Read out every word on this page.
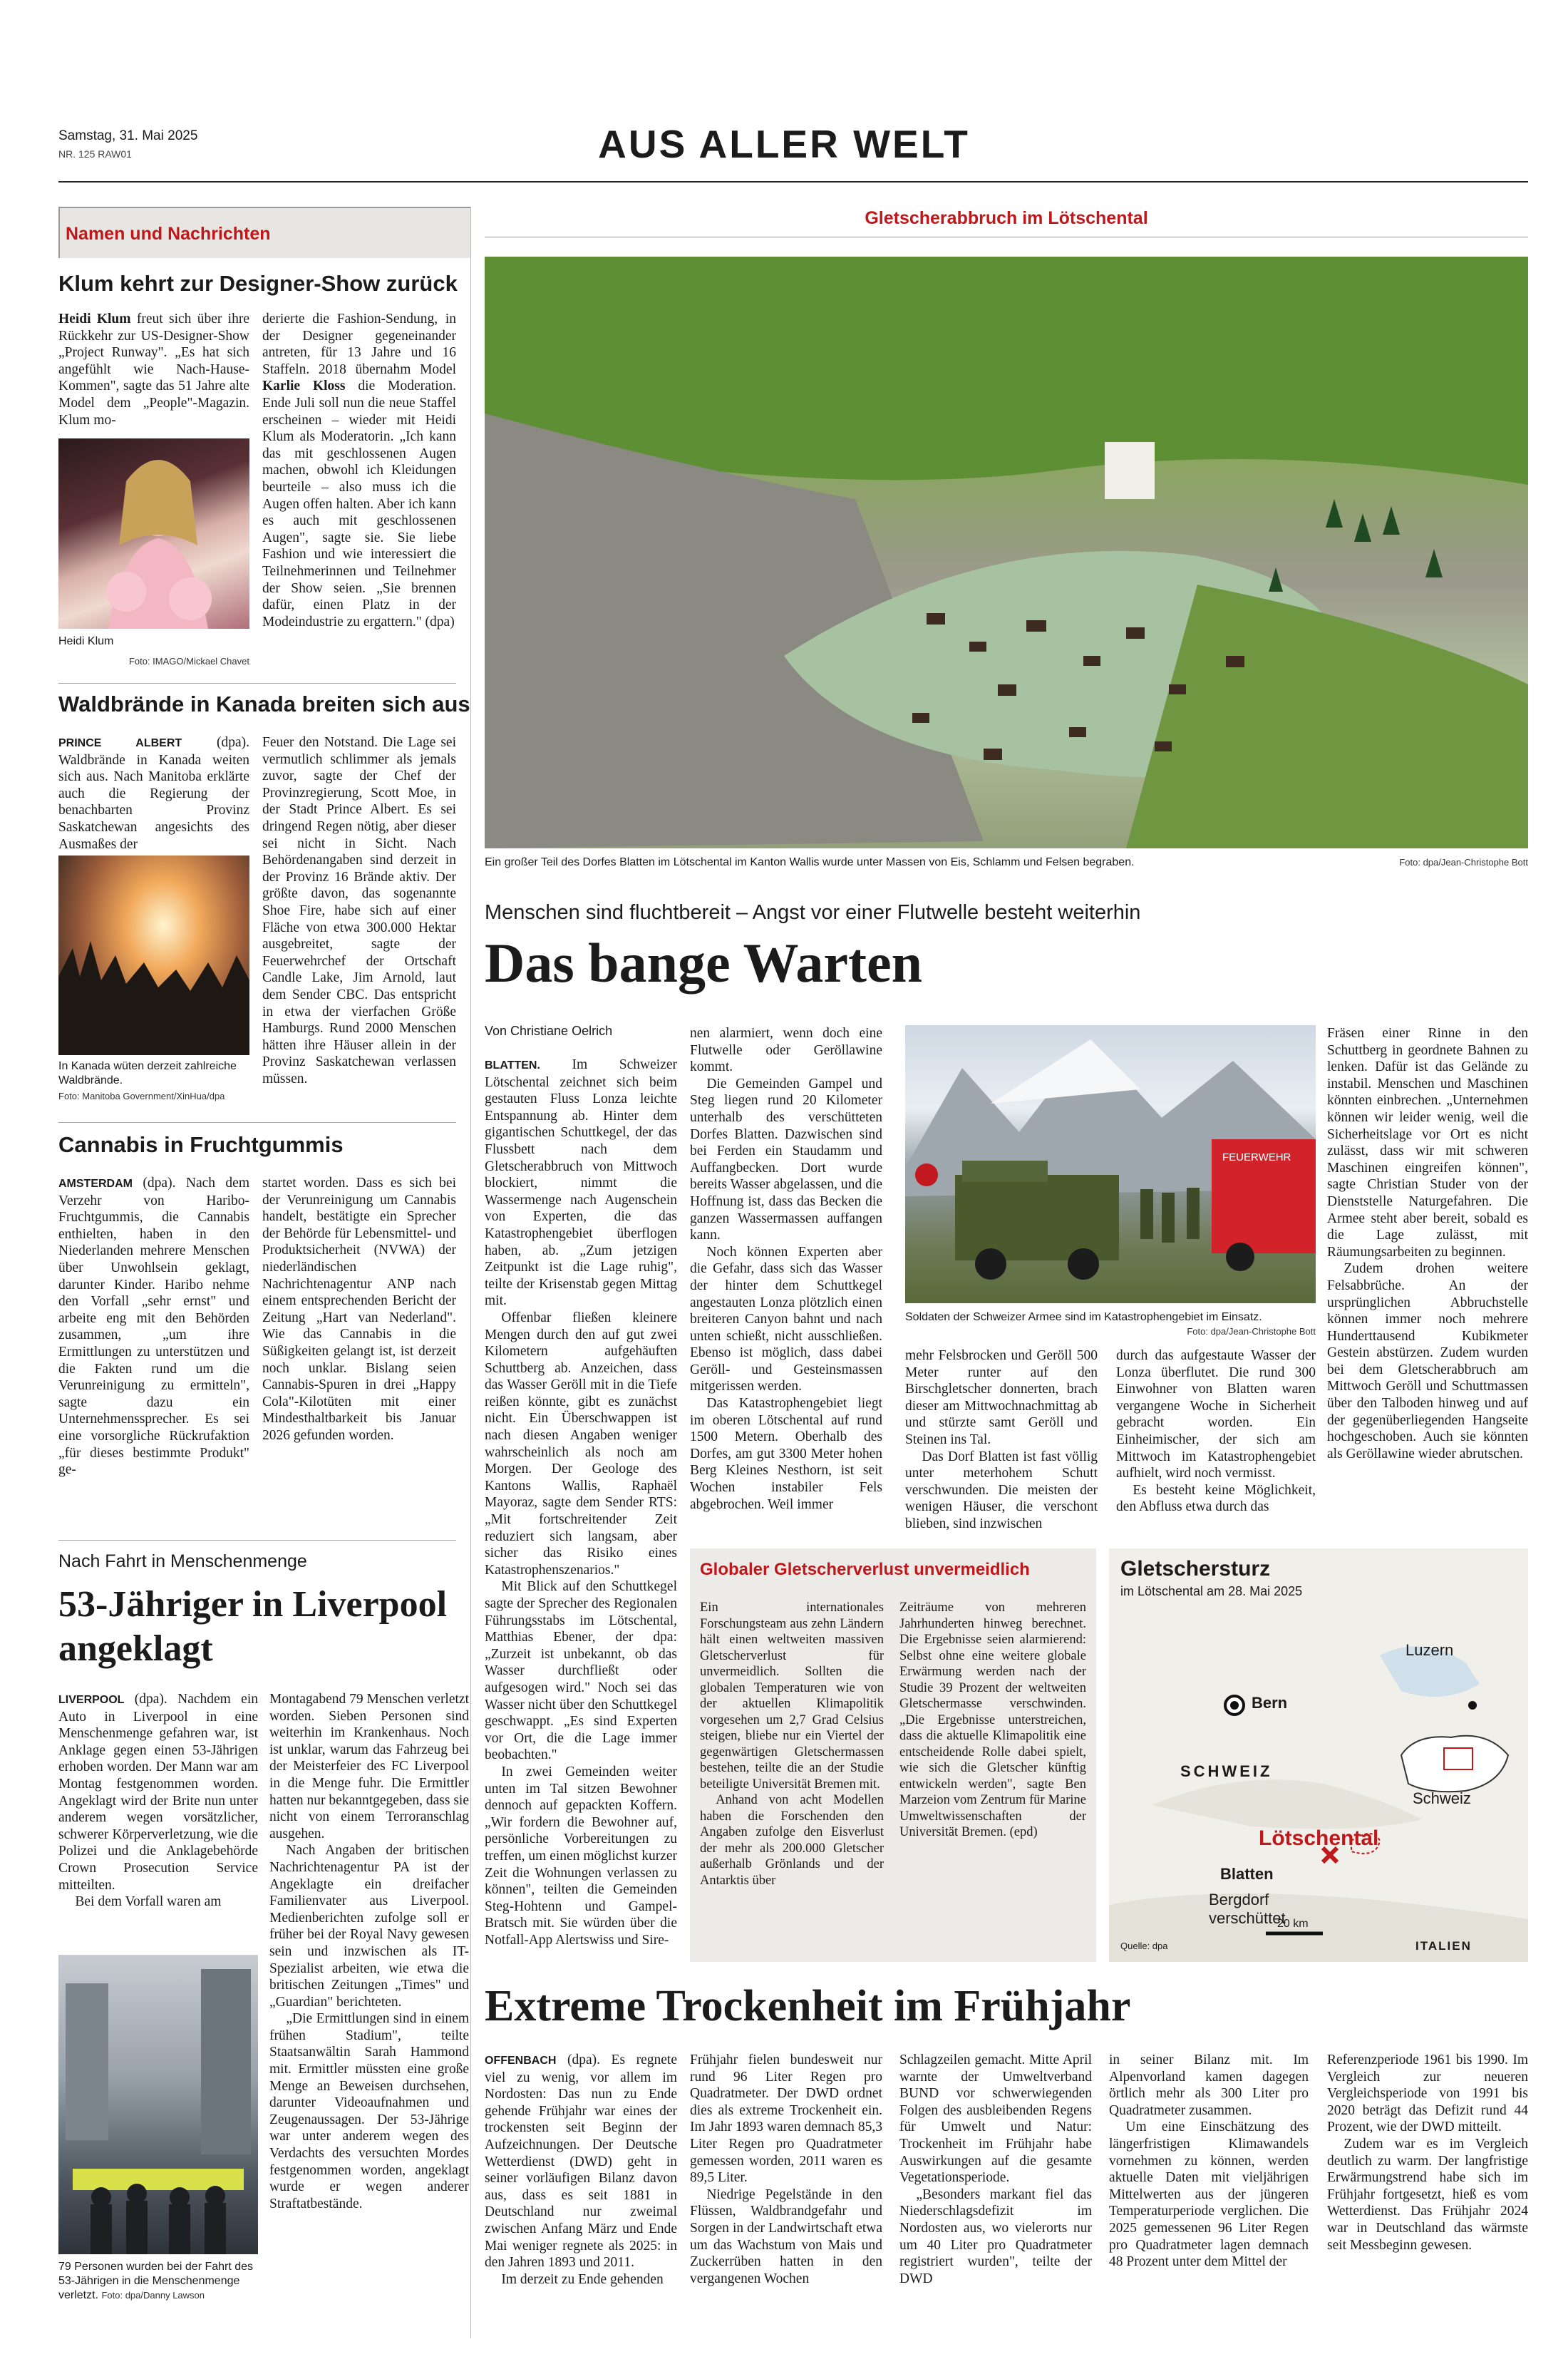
Samstag, 31. Mai 2025
NR. 125 RAW01	AUS ALLER WELT
Namen und Nachrichten
Klum kehrt zur Designer-Show zurück
Heidi Klum freut sich über ihre Rückkehr zur US-Designer-Show „Project Runway". „Es hat sich angefühlt wie Nach-Hause-Kommen", sagte das 51 Jahre alte Model dem „People"-Magazin. Klum mo-
Heidi Klum
Foto: IMAGO/Mickael Chavet
derierte die Fashion-Sendung, in der Designer gegeneinander antreten, für 13 Jahre und 16 Staffeln. 2018 übernahm Model Karlie Kloss die Moderation. Ende Juli soll nun die neue Staffel erscheinen – wieder mit Heidi Klum als Moderatorin. „Ich kann das mit geschlossenen Augen machen, obwohl ich Kleidungen beurteile – also muss ich die Augen offen halten. Aber ich kann es auch mit geschlossenen Augen", sagte sie. Sie liebe Fashion und wie interessiert die Teilnehmerinnen und Teilnehmer der Show seien. „Sie brennen dafür, einen Platz in der Modeindustrie zu ergattern." (dpa)
Waldbrände in Kanada breiten sich aus
PRINCE ALBERT (dpa). Waldbrände in Kanada weiten sich aus. Nach Manitoba erklärte auch die Regierung der benachbarten Provinz Saskatchewan angesichts des Ausmaßes der
In Kanada wüten derzeit zahlreiche Waldbrände.
Foto: Manitoba Government/XinHua/dpa
Feuer den Notstand. Die Lage sei vermutlich schlimmer als jemals zuvor, sagte der Chef der Provinzregierung, Scott Moe, in der Stadt Prince Albert. Es sei dringend Regen nötig, aber dieser sei nicht in Sicht. Nach Behördenangaben sind derzeit in der Provinz 16 Brände aktiv. Der größte davon, das sogenannte Shoe Fire, habe sich auf einer Fläche von etwa 300.000 Hektar ausgebreitet, sagte der Feuerwehrchef der Ortschaft Candle Lake, Jim Arnold, laut dem Sender CBC. Das entspricht in etwa der vierfachen Größe Hamburgs. Rund 2000 Menschen hätten ihre Häuser allein in der Provinz Saskatchewan verlassen müssen.
Cannabis in Fruchtgummis
AMSTERDAM (dpa). Nach dem Verzehr von Haribo-Fruchtgummis, die Cannabis enthielten, haben in den Niederlanden mehrere Menschen über Unwohlsein geklagt, darunter Kinder. Haribo nehme den Vorfall „sehr ernst" und arbeite eng mit den Behörden zusammen, „um ihre Ermittlungen zu unterstützen und die Fakten rund um die Verunreinigung zu ermitteln", sagte dazu ein Unternehmenssprecher. Es sei eine vorsorgliche Rückrufaktion „für dieses bestimmte Produkt" ge-
startet worden. Dass es sich bei der Verunreinigung um Cannabis handelt, bestätigte ein Sprecher der Behörde für Lebensmittel- und Produktsicherheit (NVWA) der niederländischen Nachrichtenagentur ANP nach einem entsprechenden Bericht der Zeitung „Hart van Nederland". Wie das Cannabis in die Süßigkeiten gelangt ist, ist derzeit noch unklar. Bislang seien Cannabis-Spuren in drei „Happy Cola"-Kilotüten mit einer Mindesthaltbarkeit bis Januar 2026 gefunden worden.
Nach Fahrt in Menschenmenge
53-Jähriger in Liverpool angeklagt
LIVERPOOL (dpa). Nachdem ein Auto in Liverpool in eine Menschenmenge gefahren war, ist Anklage gegen einen 53-Jährigen erhoben worden. Der Mann war am Montag festgenommen worden. Angeklagt wird der Brite nun unter anderem wegen vorsätzlicher, schwerer Körperverletzung, wie die Polizei und die Anklagebehörde Crown Prosecution Service mitteilten.

Bei dem Vorfall waren am

79 Personen wurden bei der Fahrt des 53-Jährigen in die Menschenmenge verletzt. Foto: dpa/Danny Lawson
Montagabend 79 Menschen verletzt worden. Sieben Personen sind weiterhin im Krankenhaus. Noch ist unklar, warum das Fahrzeug bei der Meisterfeier des FC Liverpool in die Menge fuhr. Die Ermittler hatten nur bekanntgegeben, dass sie nicht von einem Terroranschlag ausgehen.

Nach Angaben der britischen Nachrichtenagentur PA ist der Angeklagte ein dreifacher Familienvater aus Liverpool. Medienberichten zufolge soll er früher bei der Royal Navy gewesen sein und inzwischen als IT-Spezialist arbeiten, wie etwa die britischen Zeitungen „Times" und „Guardian" berichteten.

„Die Ermittlungen sind in einem frühen Stadium", teilte Staatsanwältin Sarah Hammond mit. Ermittler müssten eine große Menge an Beweisen durchsehen, darunter Videoaufnahmen und Zeugenaussagen. Der 53-Jährige war unter anderem wegen des Verdachts des versuchten Mordes festgenommen worden, angeklagt wurde er wegen anderer Straftatbestände.

Gletscherabbruch im Lötschental
Ein großer Teil des Dorfes Blatten im Lötschental im Kanton Wallis wurde unter Massen von Eis, Schlamm und Felsen begraben.	Foto: dpa/Jean-Christophe Bott
Menschen sind fluchtbereit – Angst vor einer Flutwelle besteht weiterhin
Das bange Warten
Von Christiane Oelrich
BLATTEN. Im Schweizer Lötschental zeichnet sich beim gestauten Fluss Lonza leichte Entspannung ab. Hinter dem gigantischen Schuttkegel, der das Flussbett nach dem Gletscherabbruch von Mittwoch blockiert, nimmt die Wassermenge nach Augenschein von Experten, die das Katastrophengebiet überflogen haben, ab. „Zum jetzigen Zeitpunkt ist die Lage ruhig", teilte der Krisenstab gegen Mittag mit.

Offenbar fließen kleinere Mengen durch den auf gut zwei Kilometern aufgehäuften Schuttberg ab. Anzeichen, dass das Wasser Geröll mit in die Tiefe reißen könnte, gibt es zunächst nicht. Ein Überschwappen ist nach diesen Angaben weniger wahrscheinlich als noch am Morgen. Der Geologe des Kantons Wallis, Raphaël Mayoraz, sagte dem Sender RTS: „Mit fortschreitender Zeit reduziert sich langsam, aber sicher das Risiko eines Katastrophenszenarios."

Mit Blick auf den Schuttkegel sagte der Sprecher des Regionalen Führungsstabs im Lötschental, Matthias Ebener, der dpa: „Zurzeit ist unbekannt, ob das Wasser durchfließt oder aufgesogen wird." Noch sei das Wasser nicht über den Schuttkegel geschwappt. „Es sind Experten vor Ort, die die Lage immer beobachten."

In zwei Gemeinden weiter unten im Tal sitzen Bewohner dennoch auf gepackten Koffern. „Wir fordern die Bewohner auf, persönliche Vorbereitungen zu treffen, um einen möglichst kurzer Zeit die Wohnungen verlassen zu können", teilten die Gemeinden Steg-Hohtenn und Gampel-Bratsch mit. Sie würden über die Notfall-App Alertswiss und Sire-

nen alarmiert, wenn doch eine Flutwelle oder Geröllawine kommt.

Die Gemeinden Gampel und Steg liegen rund 20 Kilometer unterhalb des verschütteten Dorfes Blatten. Dazwischen sind bei Ferden ein Staudamm und Auffangbecken. Dort wurde bereits Wasser abgelassen, und die Hoffnung ist, dass das Becken die ganzen Wassermassen auffangen kann.

Noch können Experten aber die Gefahr, dass sich das Wasser der hinter dem Schuttkegel angestauten Lonza plötzlich einen breiteren Canyon bahnt und nach unten schießt, nicht ausschließen. Ebenso ist möglich, dass dabei Geröll- und Gesteinsmassen mitgerissen werden.

Das Katastrophengebiet liegt im oberen Lötschental auf rund 1500 Metern. Oberhalb des Dorfes, am gut 3300 Meter hohen Berg Kleines Nesthorn, ist seit Wochen instabiler Fels abgebrochen. Weil immer

FEUERWEHR
Soldaten der Schweizer Armee sind im Katastrophengebiet im Einsatz.
Foto: dpa/Jean-Christophe Bott
mehr Felsbrocken und Geröll 500 Meter runter auf den Birschgletscher donnerten, brach dieser am Mittwochnachmittag ab und stürzte samt Geröll und Steinen ins Tal.

Das Dorf Blatten ist fast völlig unter meterhohem Schutt verschwunden. Die meisten der wenigen Häuser, die verschont blieben, sind inzwischen

durch das aufgestaute Wasser der Lonza überflutet. Die rund 300 Einwohner von Blatten waren vergangene Woche in Sicherheit gebracht worden. Ein Einheimischer, der sich am Mittwoch im Katastrophengebiet aufhielt, wird noch vermisst.

Es besteht keine Möglichkeit, den Abfluss etwa durch das

Fräsen einer Rinne in den Schuttberg in geordnete Bahnen zu lenken. Dafür ist das Gelände zu instabil. Menschen und Maschinen könnten einbrechen. „Unternehmen können wir leider wenig, weil die Sicherheitslage vor Ort es nicht zulässt, dass wir mit schweren Maschinen eingreifen können", sagte Christian Studer von der Dienststelle Naturgefahren. Die Armee steht aber bereit, sobald es die Lage zulässt, mit Räumungsarbeiten zu beginnen.

Zudem drohen weitere Felsabbrüche. An der ursprünglichen Abbruchstelle können immer noch mehrere Hunderttausend Kubikmeter Gestein abstürzen. Zudem wurden bei dem Gletscherabbruch am Mittwoch Geröll und Schuttmassen über den Talboden hinweg und auf der gegenüberliegenden Hangseite hochgeschoben. Auch sie könnten als Geröllawine wieder abrutschen.

Globaler Gletscherverlust unvermeidlich
Ein internationales Forschungsteam aus zehn Ländern hält einen weltweiten massiven Gletscherverlust für unvermeidlich. Sollten die globalen Temperaturen wie von der aktuellen Klimapolitik vorgesehen um 2,7 Grad Celsius steigen, bliebe nur ein Viertel der gegenwärtigen Gletschermassen bestehen, teilte die an der Studie beteiligte Universität Bremen mit.

Anhand von acht Modellen haben die Forschenden den Angaben zufolge den Eisverlust der mehr als 200.000 Gletscher außerhalb Grönlands und der Antarktis über

Zeiträume von mehreren Jahrhunderten hinweg berechnet. Die Ergebnisse seien alarmierend: Selbst ohne eine weitere globale Erwärmung werden nach der Studie 39 Prozent der weltweiten Gletschermasse verschwinden. „Die Ergebnisse unterstreichen, dass die aktuelle Klimapolitik eine entscheidende Rolle dabei spielt, wie sich die Gletscher künftig entwickeln werden", sagte Ben Marzeion vom Zentrum für Marine Umweltwissenschaften der Universität Bremen. (epd)
Gletschersturz
im Lötschental am 28. Mai 2025
Luzern
Bern
SCHWEIZ
Schweiz
Lötschental
Blatten
Bergdorf verschüttet
20 km
Quelle: dpa	ITALIEN
Extreme Trockenheit im Frühjahr
OFFENBACH (dpa). Es regnete viel zu wenig, vor allem im Nordosten: Das nun zu Ende gehende Frühjahr war eines der trockensten seit Beginn der Aufzeichnungen. Der Deutsche Wetterdienst (DWD) geht in seiner vorläufigen Bilanz davon aus, dass es seit 1881 in Deutschland nur zweimal zwischen Anfang März und Ende Mai weniger regnete als 2025: in den Jahren 1893 und 2011.

Im derzeit zu Ende gehenden

Frühjahr fielen bundesweit nur rund 96 Liter Regen pro Quadratmeter. Der DWD ordnet dies als extreme Trockenheit ein. Im Jahr 1893 waren demnach 85,3 Liter Regen pro Quadratmeter gemessen worden, 2011 waren es 89,5 Liter.

Niedrige Pegelstände in den Flüssen, Waldbrandgefahr und Sorgen in der Landwirtschaft etwa um das Wachstum von Mais und Zuckerrüben hatten in den vergangenen Wochen

Schlagzeilen gemacht. Mitte April warnte der Umweltverband BUND vor schwerwiegenden Folgen des ausbleibenden Regens für Umwelt und Natur: Trockenheit im Frühjahr habe Auswirkungen auf die gesamte Vegetationsperiode.

„Besonders markant fiel das Niederschlagsdefizit im Nordosten aus, wo vielerorts nur um 40 Liter pro Quadratmeter registriert wurden", teilte der DWD

in seiner Bilanz mit. Im Alpenvorland kamen dagegen örtlich mehr als 300 Liter pro Quadratmeter zusammen.

Um eine Einschätzung des längerfristigen Klimawandels vornehmen zu können, werden aktuelle Daten mit vieljährigen Mittelwerten aus der jüngeren Temperaturperiode verglichen. Die 2025 gemessenen 96 Liter Regen pro Quadratmeter lagen demnach 48 Prozent unter dem Mittel der

Referenzperiode 1961 bis 1990. Im Vergleich zur neueren Vergleichsperiode von 1991 bis 2020 beträgt das Defizit rund 44 Prozent, wie der DWD mitteilt.

Zudem war es im Vergleich deutlich zu warm. Der langfristige Erwärmungstrend habe sich im Frühjahr fortgesetzt, hieß es vom Wetterdienst. Das Frühjahr 2024 war in Deutschland das wärmste seit Messbeginn gewesen.
